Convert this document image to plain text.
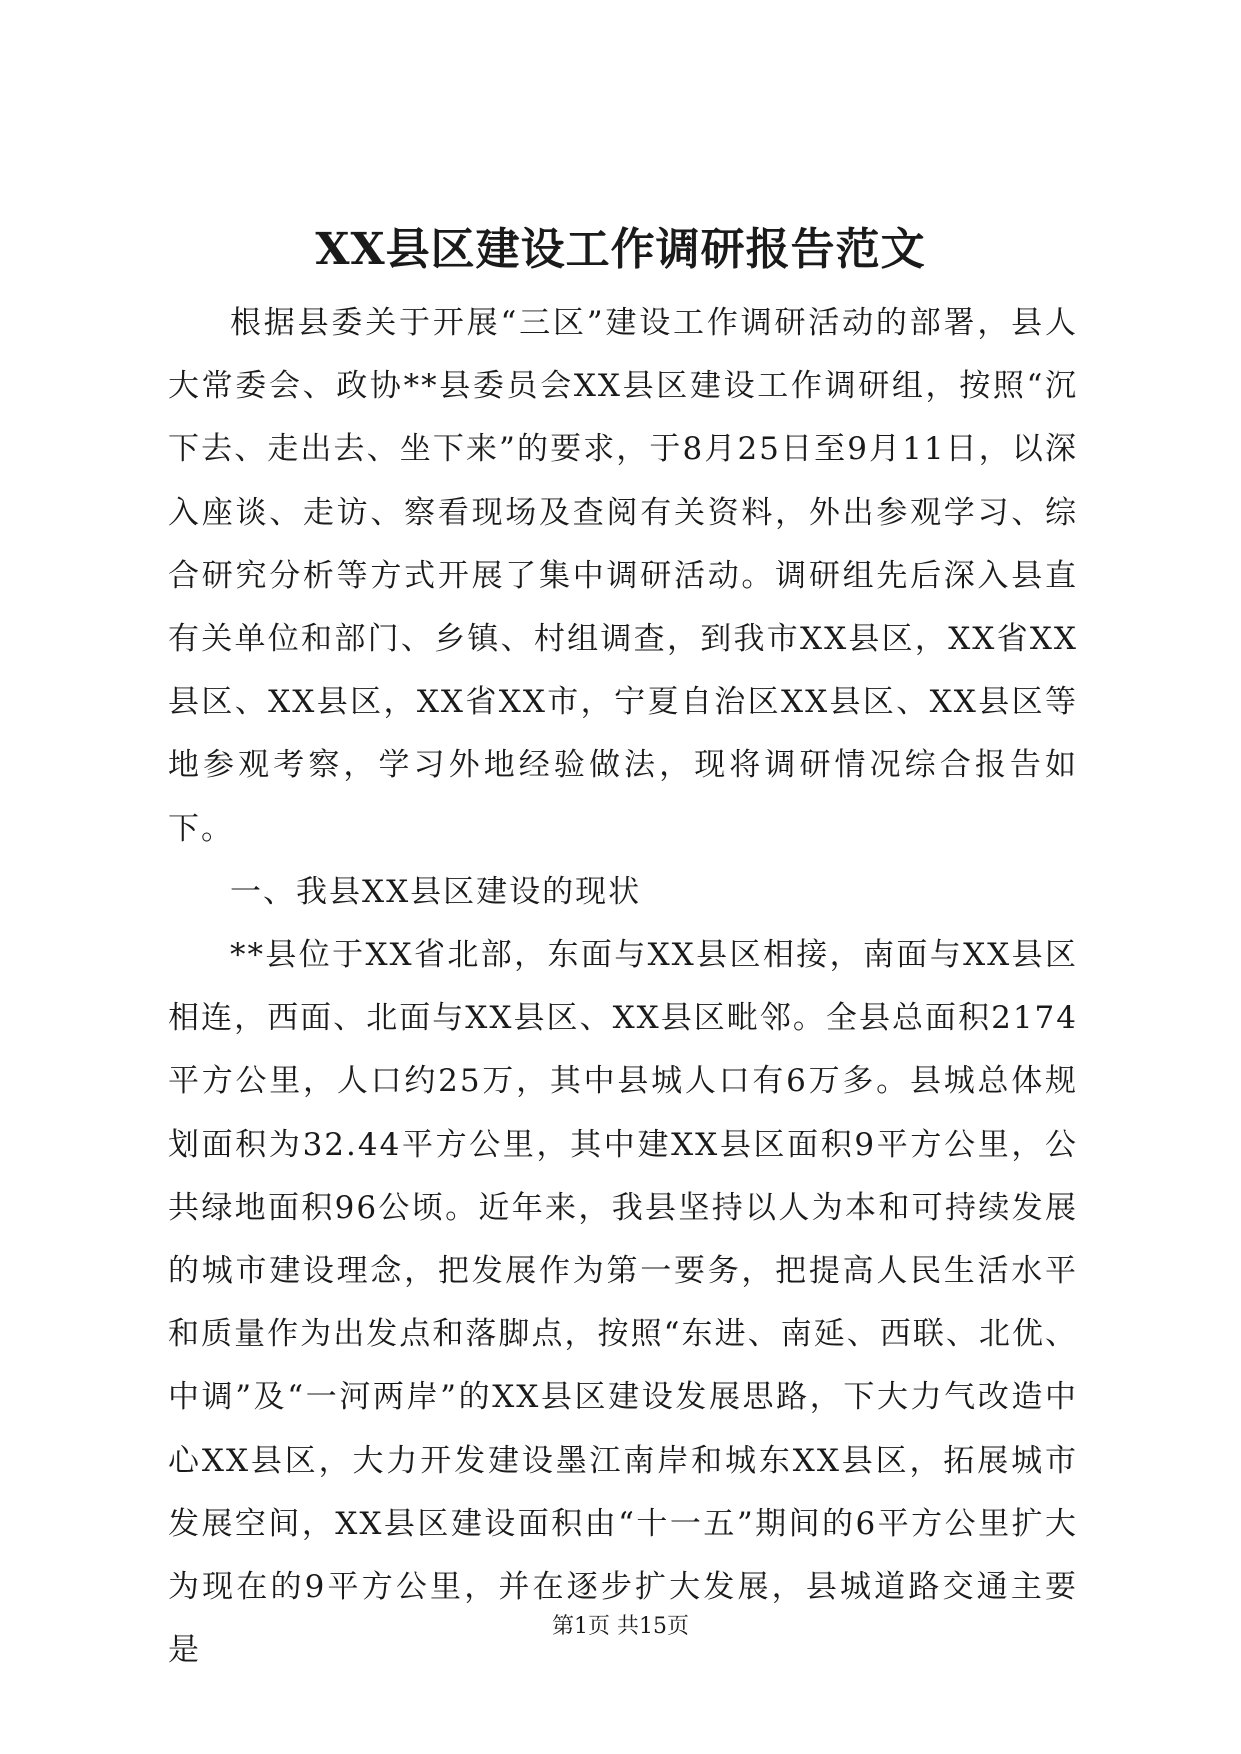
XX县区建设工作调研报告范文

根据县委关于开展“三区”建设工作调研活动的部署，县人大常委会、政协**县委员会XX县区建设工作调研组，按照“沉下去、走出去、坐下来”的要求，于8月25日至9月11日，以深入座谈、走访、察看现场及查阅有关资料，外出参观学习、综合研究分析等方式开展了集中调研活动。调研组先后深入县直有关单位和部门、乡镇、村组调查，到我市XX县区，XX省XX县区、XX县区，XX省XX市，宁夏自治区XX县区、XX县区等地参观考察，学习外地经验做法，现将调研情况综合报告如下。

一、我县XX县区建设的现状

**县位于XX省北部，东面与XX县区相接，南面与XX县区相连，西面、北面与XX县区、XX县区毗邻。全县总面积2174平方公里，人口约25万，其中县城人口有6万多。县城总体规划面积为32.44平方公里，其中建XX县区面积9平方公里，公共绿地面积96公顷。近年来，我县坚持以人为本和可持续发展的城市建设理念，把发展作为第一要务，把提高人民生活水平和质量作为出发点和落脚点，按照“东进、南延、西联、北优、中调”及“一河两岸”的XX县区建设发展思路，下大力气改造中心XX县区，大力开发建设墨江南岸和城东XX县区，拓展城市发展空间，XX县区建设面积由“十一五”期间的6平方公里扩大为现在的9平方公里，并在逐步扩大发展，县城道路交通主要是

第1页 共15页
